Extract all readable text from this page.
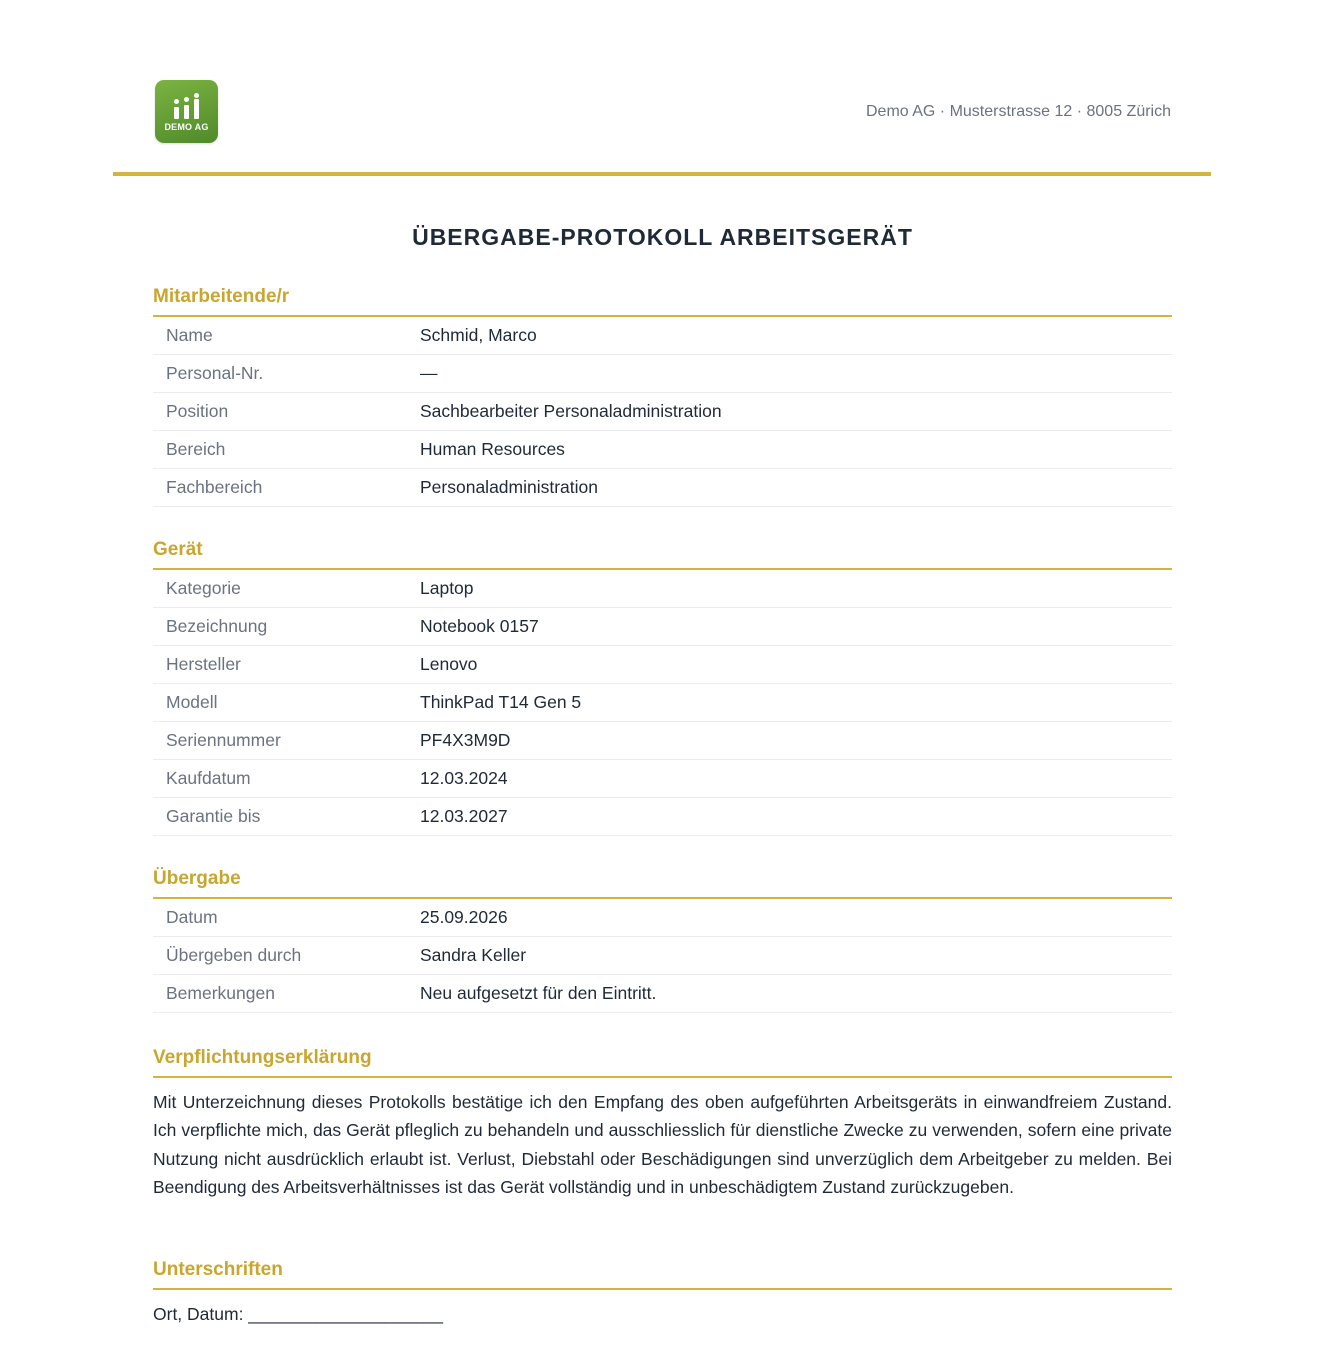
DEMO AG
Demo AG · Musterstrasse 12 · 8005 Zürich
ÜBERGABE-PROTOKOLL ARBEITSGERÄT
Mitarbeitende/r
Name	Schmid, Marco
Personal-Nr.	—
Position	Sachbearbeiter Personaladministration
Bereich	Human Resources
Fachbereich	Personaladministration
Gerät
Kategorie	Laptop
Bezeichnung	Notebook 0157
Hersteller	Lenovo
Modell	ThinkPad T14 Gen 5
Seriennummer	PF4X3M9D
Kaufdatum	12.03.2024
Garantie bis	12.03.2027
Übergabe
Datum	25.09.2026
Übergeben durch	Sandra Keller
Bemerkungen	Neu aufgesetzt für den Eintritt.
Verpflichtungserklärung
Mit Unterzeichnung dieses Protokolls bestätige ich den Empfang des oben aufgeführten Arbeitsgeräts in einwandfreiem Zustand. Ich verpflichte mich, das Gerät pfleglich zu behandeln und ausschliesslich für dienstliche Zwecke zu verwenden, sofern eine private Nutzung nicht ausdrücklich erlaubt ist. Verlust, Diebstahl oder Beschädigungen sind unverzüglich dem Arbeitgeber zu melden. Bei Beendigung des Arbeitsverhältnisses ist das Gerät vollständig und in unbeschädigtem Zustand zurückzugeben.
Unterschriften
Ort, Datum: ____________________
